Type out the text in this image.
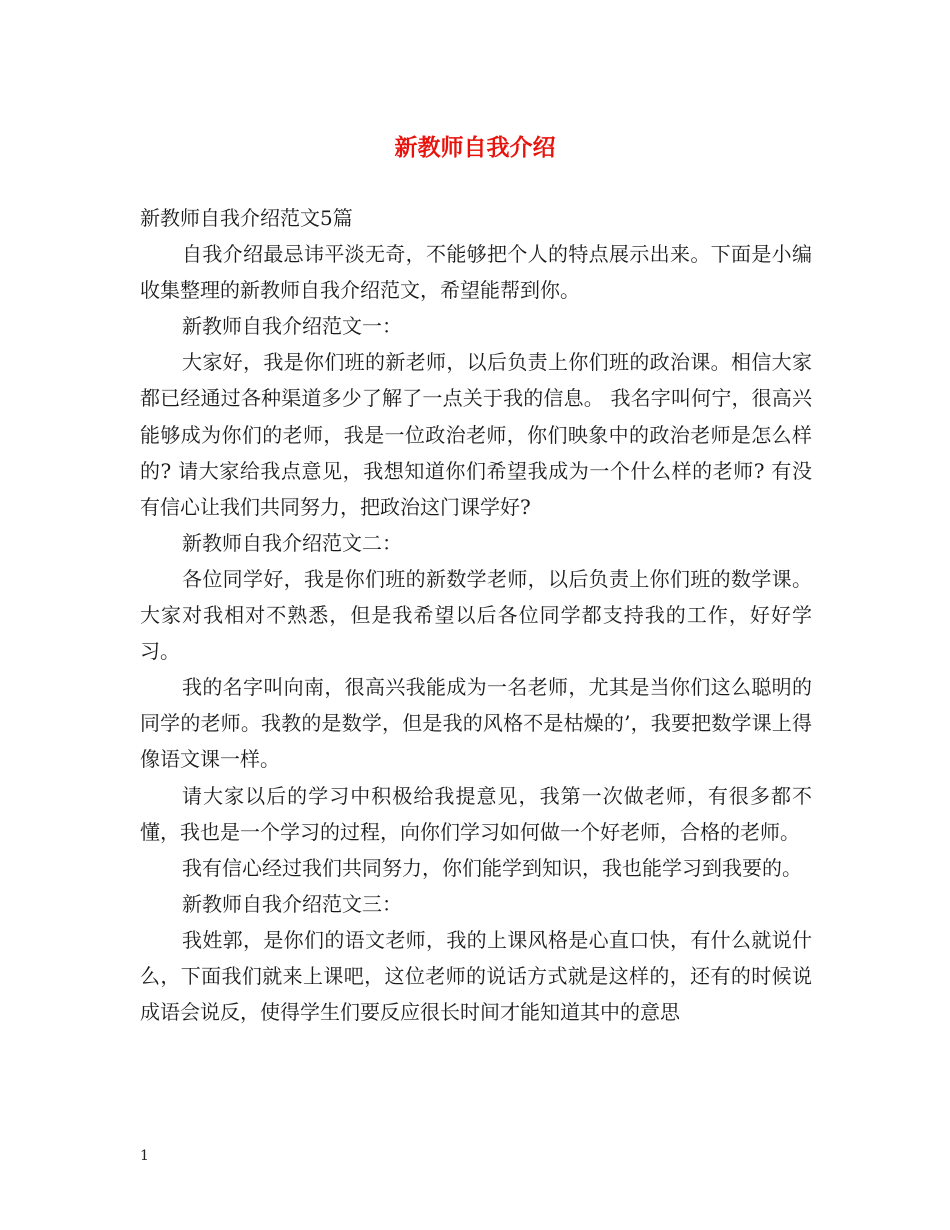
新教师自我介绍

新教师自我介绍范文5篇

自我介绍最忌讳平淡无奇，不能够把个人的特点展示出来。下面是小编收集整理的新教师自我介绍范文，希望能帮到你。

新教师自我介绍范文一：

大家好，我是你们班的新老师，以后负责上你们班的政治课。相信大家都已经通过各种渠道多少了解了一点关于我的信息。 我名字叫何宁，很高兴能够成为你们的老师，我是一位政治老师，你们映象中的政治老师是怎么样的? 请大家给我点意见，我想知道你们希望我成为一个什么样的老师? 有没有信心让我们共同努力，把政治这门课学好?

新教师自我介绍范文二：

各位同学好，我是你们班的新数学老师，以后负责上你们班的数学课。大家对我相对不熟悉，但是我希望以后各位同学都支持我的工作，好好学习。

我的名字叫向南，很高兴我能成为一名老师，尤其是当你们这么聪明的同学的老师。我教的是数学，但是我的风格不是枯燥的’，我要把数学课上得像语文课一样。

请大家以后的学习中积极给我提意见，我第一次做老师，有很多都不懂，我也是一个学习的过程，向你们学习如何做一个好老师，合格的老师。

我有信心经过我们共同努力，你们能学到知识，我也能学习到我要的。

新教师自我介绍范文三：

我姓郭，是你们的语文老师，我的上课风格是心直口快，有什么就说什么，下面我们就来上课吧，这位老师的说话方式就是这样的，还有的时候说成语会说反，使得学生们要反应很长时间才能知道其中的意思

1
